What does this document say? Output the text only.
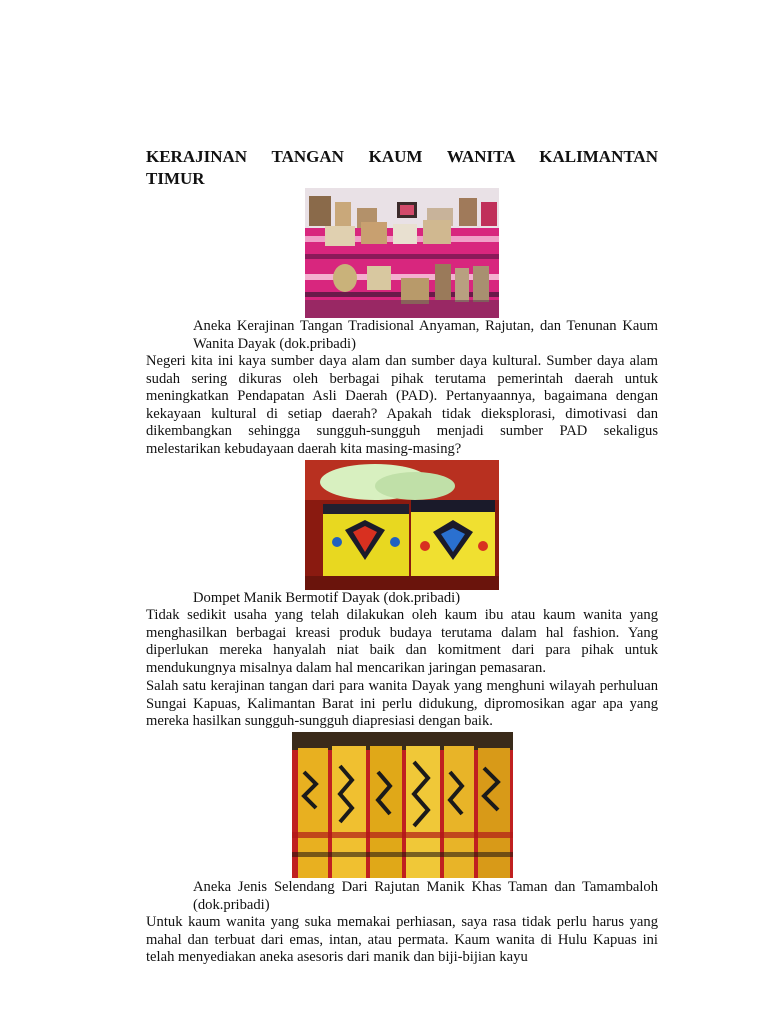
KERAJINAN TANGAN KAUM WANITA KALIMANTAN
TIMUR

Aneka Kerajinan Tangan Tradisional Anyaman, Rajutan, dan Tenunan Kaum Wanita Dayak (dok.pribadi)

Negeri kita ini kaya sumber daya alam dan sumber daya kultural. Sumber daya alam sudah sering dikuras oleh berbagai pihak terutama pemerintah daerah untuk meningkatkan Pendapatan Asli Daerah (PAD). Pertanyaannya, bagaimana dengan kekayaan kultural di setiap daerah? Apakah tidak dieksplorasi, dimotivasi dan dikembangkan sehingga sungguh-sungguh menjadi sumber PAD sekaligus melestarikan kebudayaan daerah kita masing-masing?

Dompet Manik Bermotif Dayak (dok.pribadi)

Tidak sedikit usaha yang telah dilakukan oleh kaum ibu atau kaum wanita yang menghasilkan berbagai kreasi produk budaya terutama dalam hal fashion. Yang diperlukan mereka hanyalah niat baik dan komitment dari para pihak untuk mendukungnya misalnya dalam hal mencarikan jaringan pemasaran.

Salah satu kerajinan tangan dari para wanita Dayak yang menghuni wilayah perhuluan Sungai Kapuas, Kalimantan Barat ini perlu didukung, dipromosikan agar apa yang mereka hasilkan sungguh-sungguh diapresiasi dengan baik.

Aneka Jenis Selendang Dari Rajutan Manik Khas Taman dan Tamambaloh (dok.pribadi)

Untuk kaum wanita yang suka memakai perhiasan, saya rasa tidak perlu harus yang mahal dan terbuat dari emas, intan, atau permata. Kaum wanita di Hulu Kapuas ini telah menyediakan aneka asesoris dari manik dan biji-bijian kayu
